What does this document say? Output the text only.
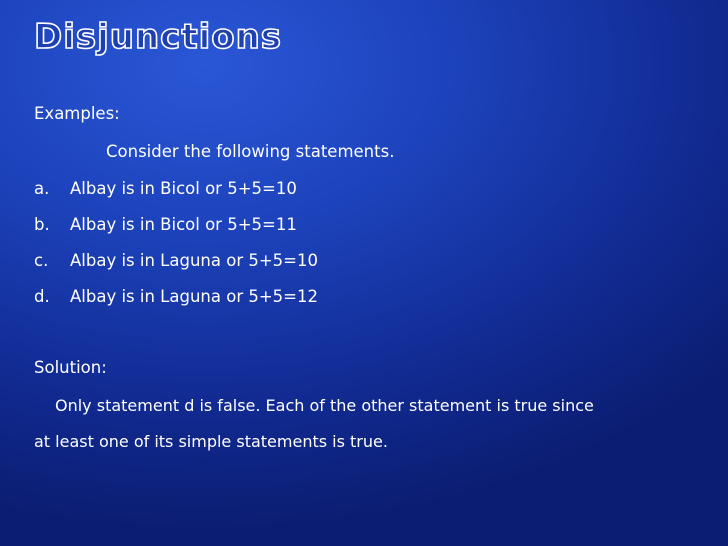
Disjunctions
Examples:
Consider the following statements.
a. Albay is in Bicol or 5+5=10
b. Albay is in Bicol or 5+5=11
c. Albay is in Laguna or 5+5=10
d. Albay is in Laguna or 5+5=12
Solution:
Only statement d is false. Each of the other statement is true since
at least one of its simple statements is true.
